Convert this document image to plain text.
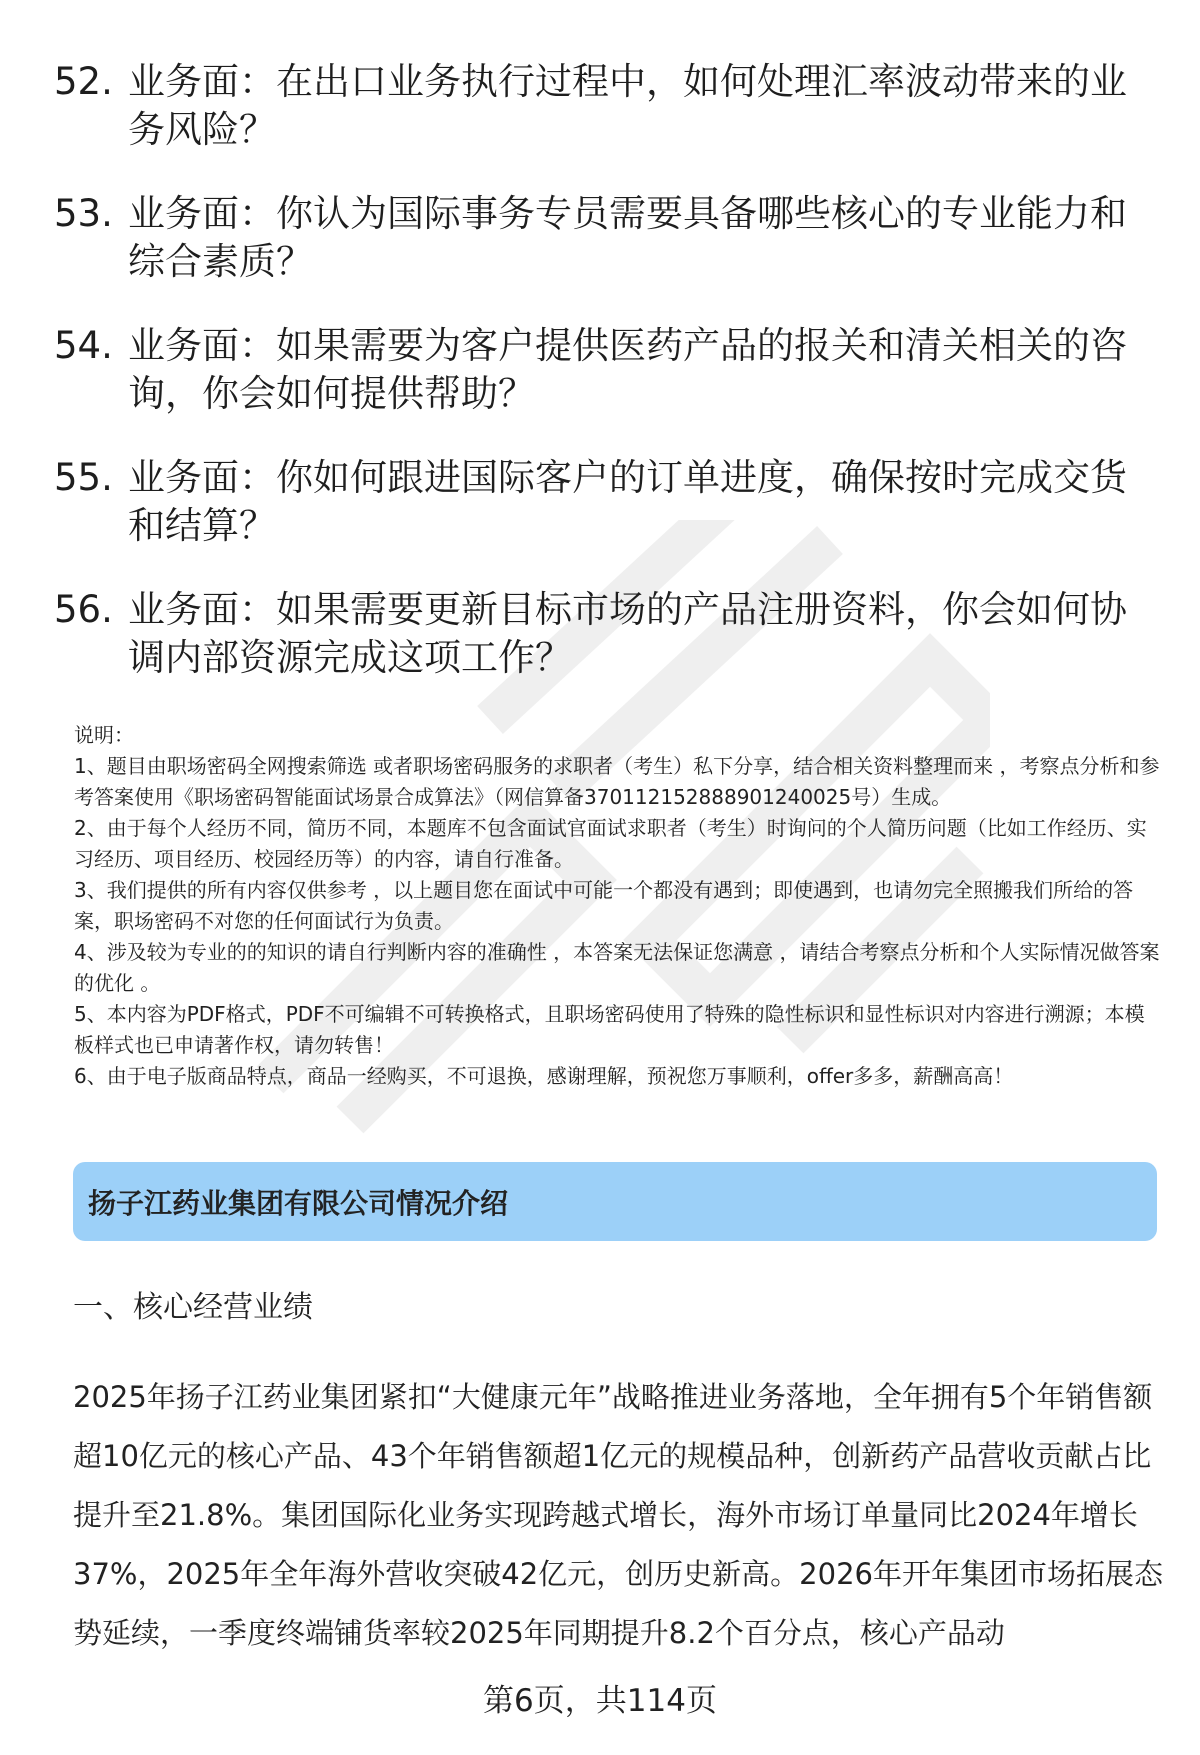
52. 业务面：在出口业务执行过程中，如何处理汇率波动带来的业务风险？
53. 业务面：你认为国际事务专员需要具备哪些核心的专业能力和综合素质？
54. 业务面：如果需要为客户提供医药产品的报关和清关相关的咨询，你会如何提供帮助？
55. 业务面：你如何跟进国际客户的订单进度，确保按时完成交货和结算？
56. 业务面：如果需要更新目标市场的产品注册资料，你会如何协调内部资源完成这项工作？

说明：

1、题目由职场密码全网搜索筛选 或者职场密码服务的求职者（考生）私下分享，结合相关资料整理而来 ，考察点分析和参考答案使用《职场密码智能面试场景合成算法》（网信算备370112152888901240025号）生成。

2、由于每个人经历不同，简历不同，本题库不包含面试官面试求职者（考生）时询问的个人简历问题（比如工作经历、实习经历、项目经历、校园经历等）的内容，请自行准备。

3、我们提供的所有内容仅供参考 ，以上题目您在面试中可能一个都没有遇到；即使遇到，也请勿完全照搬我们所给的答案，职场密码不对您的任何面试行为负责。

4、涉及较为专业的的知识的请自行判断内容的准确性 ，本答案无法保证您满意 ，请结合考察点分析和个人实际情况做答案的优化 。

5、本内容为PDF格式，PDF不可编辑不可转换格式，且职场密码使用了特殊的隐性标识和显性标识对内容进行溯源；本模板样式也已申请著作权，请勿转售！

6、由于电子版商品特点，商品一经购买，不可退换，感谢理解，预祝您万事顺利，offer多多，薪酬高高！

扬子江药业集团有限公司情况介绍
一、核心经营业绩

2025年扬子江药业集团紧扣“大健康元年”战略推进业务落地，全年拥有5个年销售额超10亿元的核心产品、43个年销售额超1亿元的规模品种，创新药产品营收贡献占比提升至21.8%。集团国际化业务实现跨越式增长，海外市场订单量同比2024年增长37%，2025年全年海外营收突破42亿元，创历史新高。2026年开年集团市场拓展态势延续，一季度终端铺货率较2025年同期提升8.2个百分点，核心产品动

第6页，共114页
